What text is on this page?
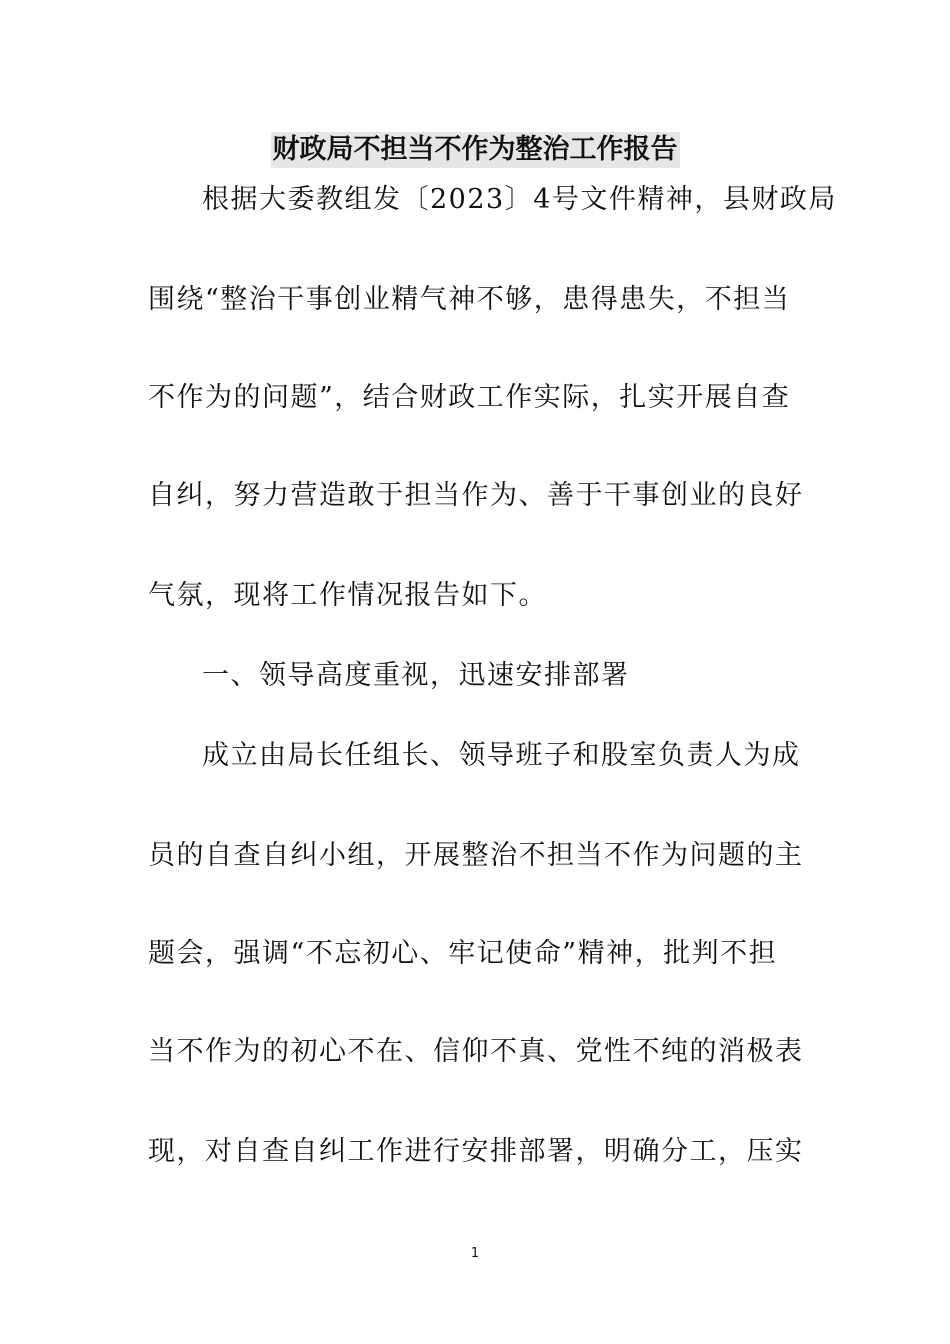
财政局不担当不作为整治工作报告
根据大委教组发〔2023〕4号文件精神，县财政局
围绕“整治干事创业精气神不够，患得患失，不担当
不作为的问题”，结合财政工作实际，扎实开展自查
自纠，努力营造敢于担当作为、善于干事创业的良好
气氛，现将工作情况报告如下。
一、领导高度重视，迅速安排部署
成立由局长任组长、领导班子和股室负责人为成
员的自查自纠小组，开展整治不担当不作为问题的主
题会，强调“不忘初心、牢记使命”精神，批判不担
当不作为的初心不在、信仰不真、党性不纯的消极表
现，对自查自纠工作进行安排部署，明确分工，压实
1
